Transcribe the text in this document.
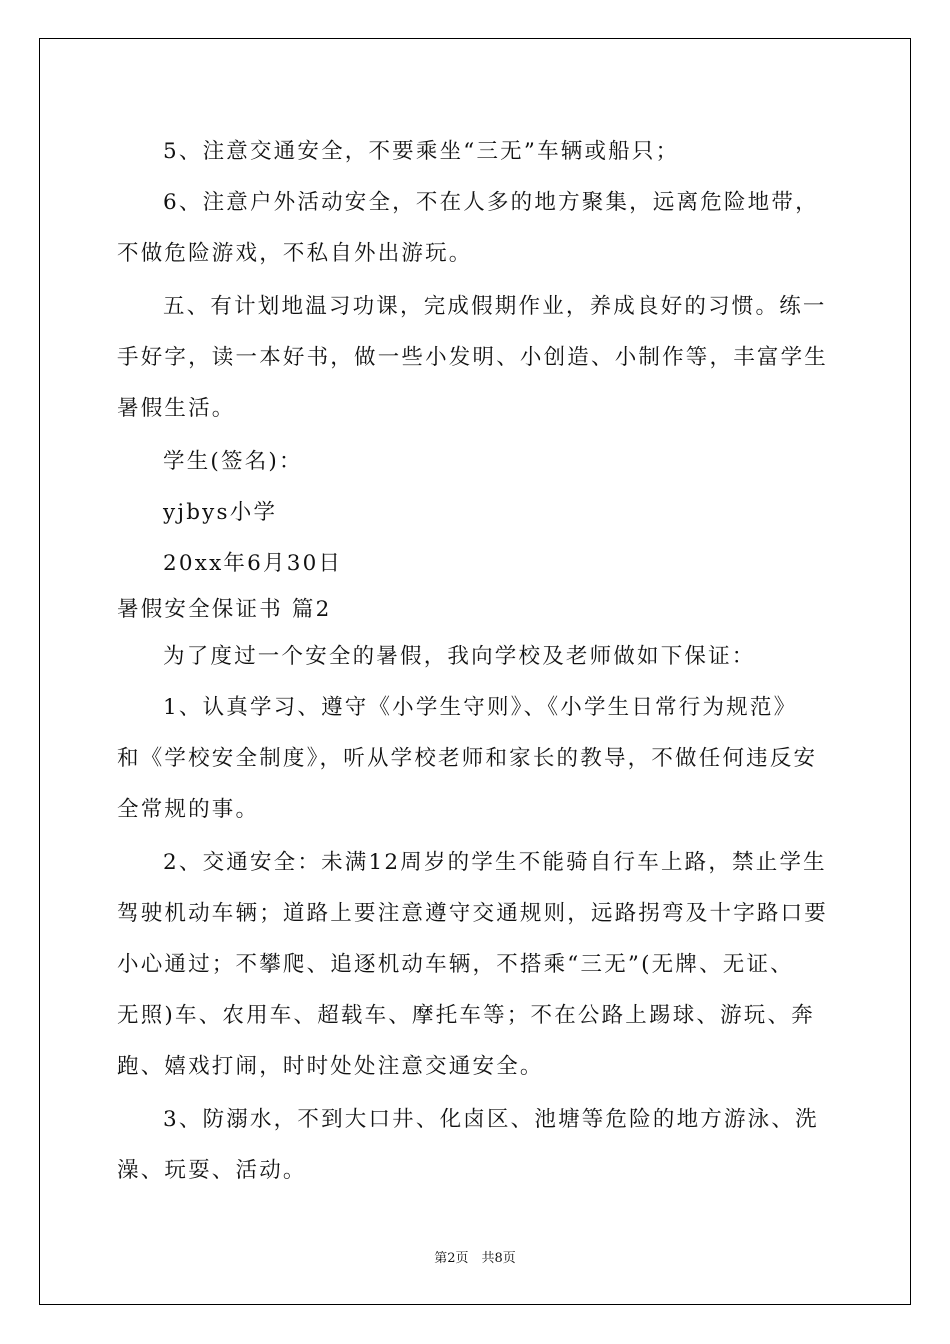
5、注意交通安全，不要乘坐“三无”车辆或船只；
6、注意户外活动安全，不在人多的地方聚集，远离危险地带，
不做危险游戏，不私自外出游玩。
五、有计划地温习功课，完成假期作业，养成良好的习惯。练一
手好字，读一本好书，做一些小发明、小创造、小制作等，丰富学生
暑假生活。
学生(签名)：
yjbys小学
20xx年6月30日
暑假安全保证书 篇2
为了度过一个安全的暑假，我向学校及老师做如下保证：
1、认真学习、遵守《小学生守则》、《小学生日常行为规范》
和《学校安全制度》，听从学校老师和家长的教导，不做任何违反安
全常规的事。
2、交通安全：未满12周岁的学生不能骑自行车上路，禁止学生
驾驶机动车辆；道路上要注意遵守交通规则，远路拐弯及十字路口要
小心通过；不攀爬、追逐机动车辆，不搭乘“三无”(无牌、无证、
无照)车、农用车、超载车、摩托车等；不在公路上踢球、游玩、奔
跑、嬉戏打闹，时时处处注意交通安全。
3、防溺水，不到大口井、化卤区、池塘等危险的地方游泳、洗
澡、玩耍、活动。
第2页　共8页
